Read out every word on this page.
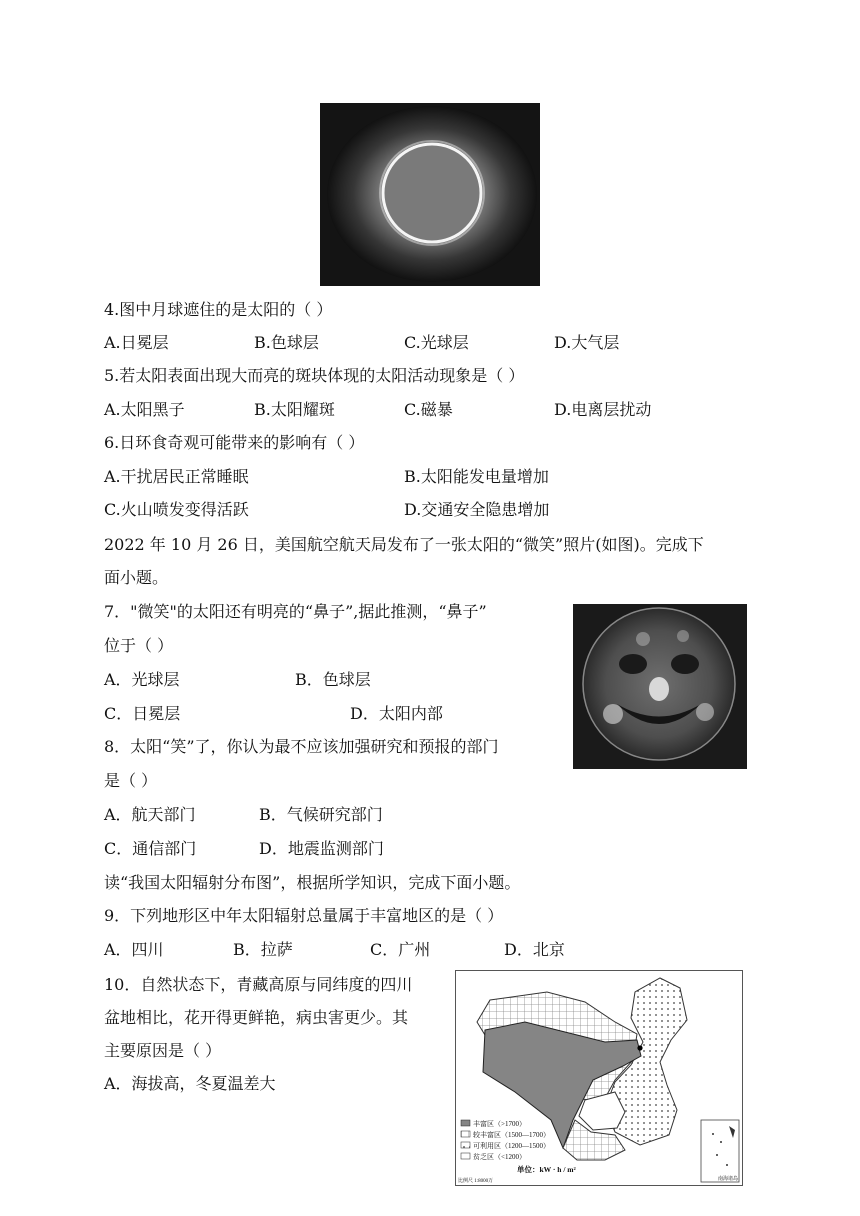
4.图中月球遮住的是太阳的（ ）
A.日冕层	B.色球层	C.光球层	D.大气层
5.若太阳表面出现大而亮的斑块体现的太阳活动现象是（ ）
A.太阳黑子	B.太阳耀斑	C.磁暴	D.电离层扰动
6.日环食奇观可能带来的影响有（ ）
A.干扰居民正常睡眠	B.太阳能发电量增加
C.火山喷发变得活跃	D.交通安全隐患增加
2022 年 10 月 26 日，美国航空航天局发布了一张太阳的“微笑”照片(如图)。完成下
面小题。
7．"微笑"的太阳还有明亮的“鼻子”,据此推测，“鼻子”
位于（ ）
A．光球层	B．色球层
C．日冕层	D．太阳内部
8．太阳“笑”了，你认为最不应该加强研究和预报的部门
是（ ）
A．航天部门	B．气候研究部门
C．通信部门	D．地震监测部门
读“我国太阳辐射分布图”，根据所学知识，完成下面小题。
9．下列地形区中年太阳辐射总量属于丰富地区的是（ ）
A．四川	B．拉萨	C．广州	D．北京
10．自然状态下，青藏高原与同纬度的四川
盆地相比，花开得更鲜艳，病虫害更少。其
主要原因是（ ）
A．海拔高，冬夏温差大
丰富区（>1700）
较丰富区（1500—1700）
可利用区（1200—1500）
贫乏区（<1200）
单位：kW · h / m²
比例尺 1:8000万	南海诸岛
